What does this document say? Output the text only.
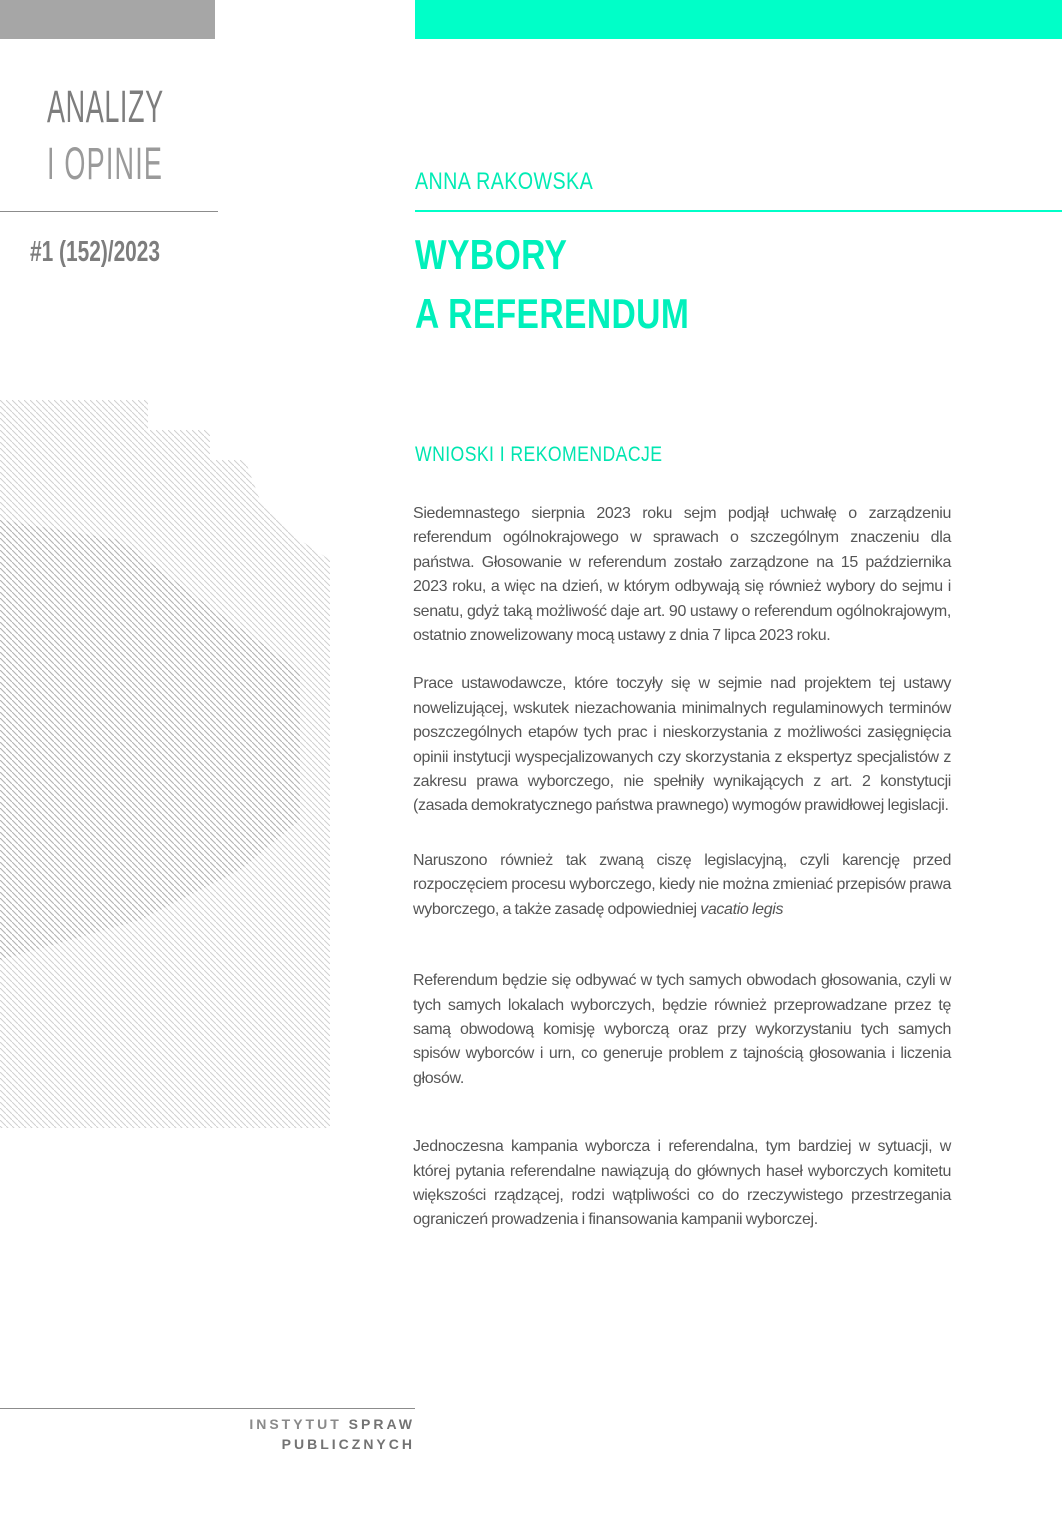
ANALIZY
I OPINIE
#1 (152)/2023
ANNA RAKOWSKA
WYBORY
A REFERENDUM
WNIOSKI I REKOMENDACJE

Siedemnastego sierpnia 2023 roku sejm podjął uchwałę o zarządzeniu referendum ogólnokrajowego w sprawach o szczególnym znaczeniu dla państwa. Głosowanie w referendum zostało zarządzone na 15 października 2023 roku, a więc na dzień, w którym odbywają się również wybory do sejmu i senatu, gdyż taką możliwość daje art. 90 ustawy o referendum ogólnokrajowym, ostatnio znowelizowany mocą ustawy z dnia 7 lipca 2023 roku.

Prace ustawodawcze, które toczyły się w sejmie nad projektem tej ustawy nowelizującej, wskutek niezachowania minimalnych regulaminowych terminów poszczególnych etapów tych prac i nieskorzystania z możliwości zasięgnięcia opinii instytucji wyspecjalizowanych czy skorzystania z ekspertyz specjalistów z zakresu prawa wyborczego, nie spełniły wynikających z art. 2 konstytucji (zasada demokratycznego państwa prawnego) wymogów prawidłowej legislacji.

Naruszono również tak zwaną ciszę legislacyjną, czyli karencję przed rozpoczęciem procesu wyborczego, kiedy nie można zmieniać przepisów prawa wyborczego, a także zasadę odpowiedniej vacatio legis

Referendum będzie się odbywać w tych samych obwodach głosowania, czyli w tych samych lokalach wyborczych, będzie również przeprowadzane przez tę samą obwodową komisję wyborczą oraz przy wykorzystaniu tych samych spisów wyborców i urn, co generuje problem z tajnością głosowania i liczenia głosów.

Jednoczesna kampania wyborcza i referendalna, tym bardziej w sytuacji, w której pytania referendalne nawiązują do głównych haseł wyborczych komitetu większości rządzącej, rodzi wątpliwości co do rzeczywistego przestrzegania ograniczeń prowadzenia i finansowania kampanii wyborczej.

INSTYTUT SPRAW
PUBLICZNYCH
